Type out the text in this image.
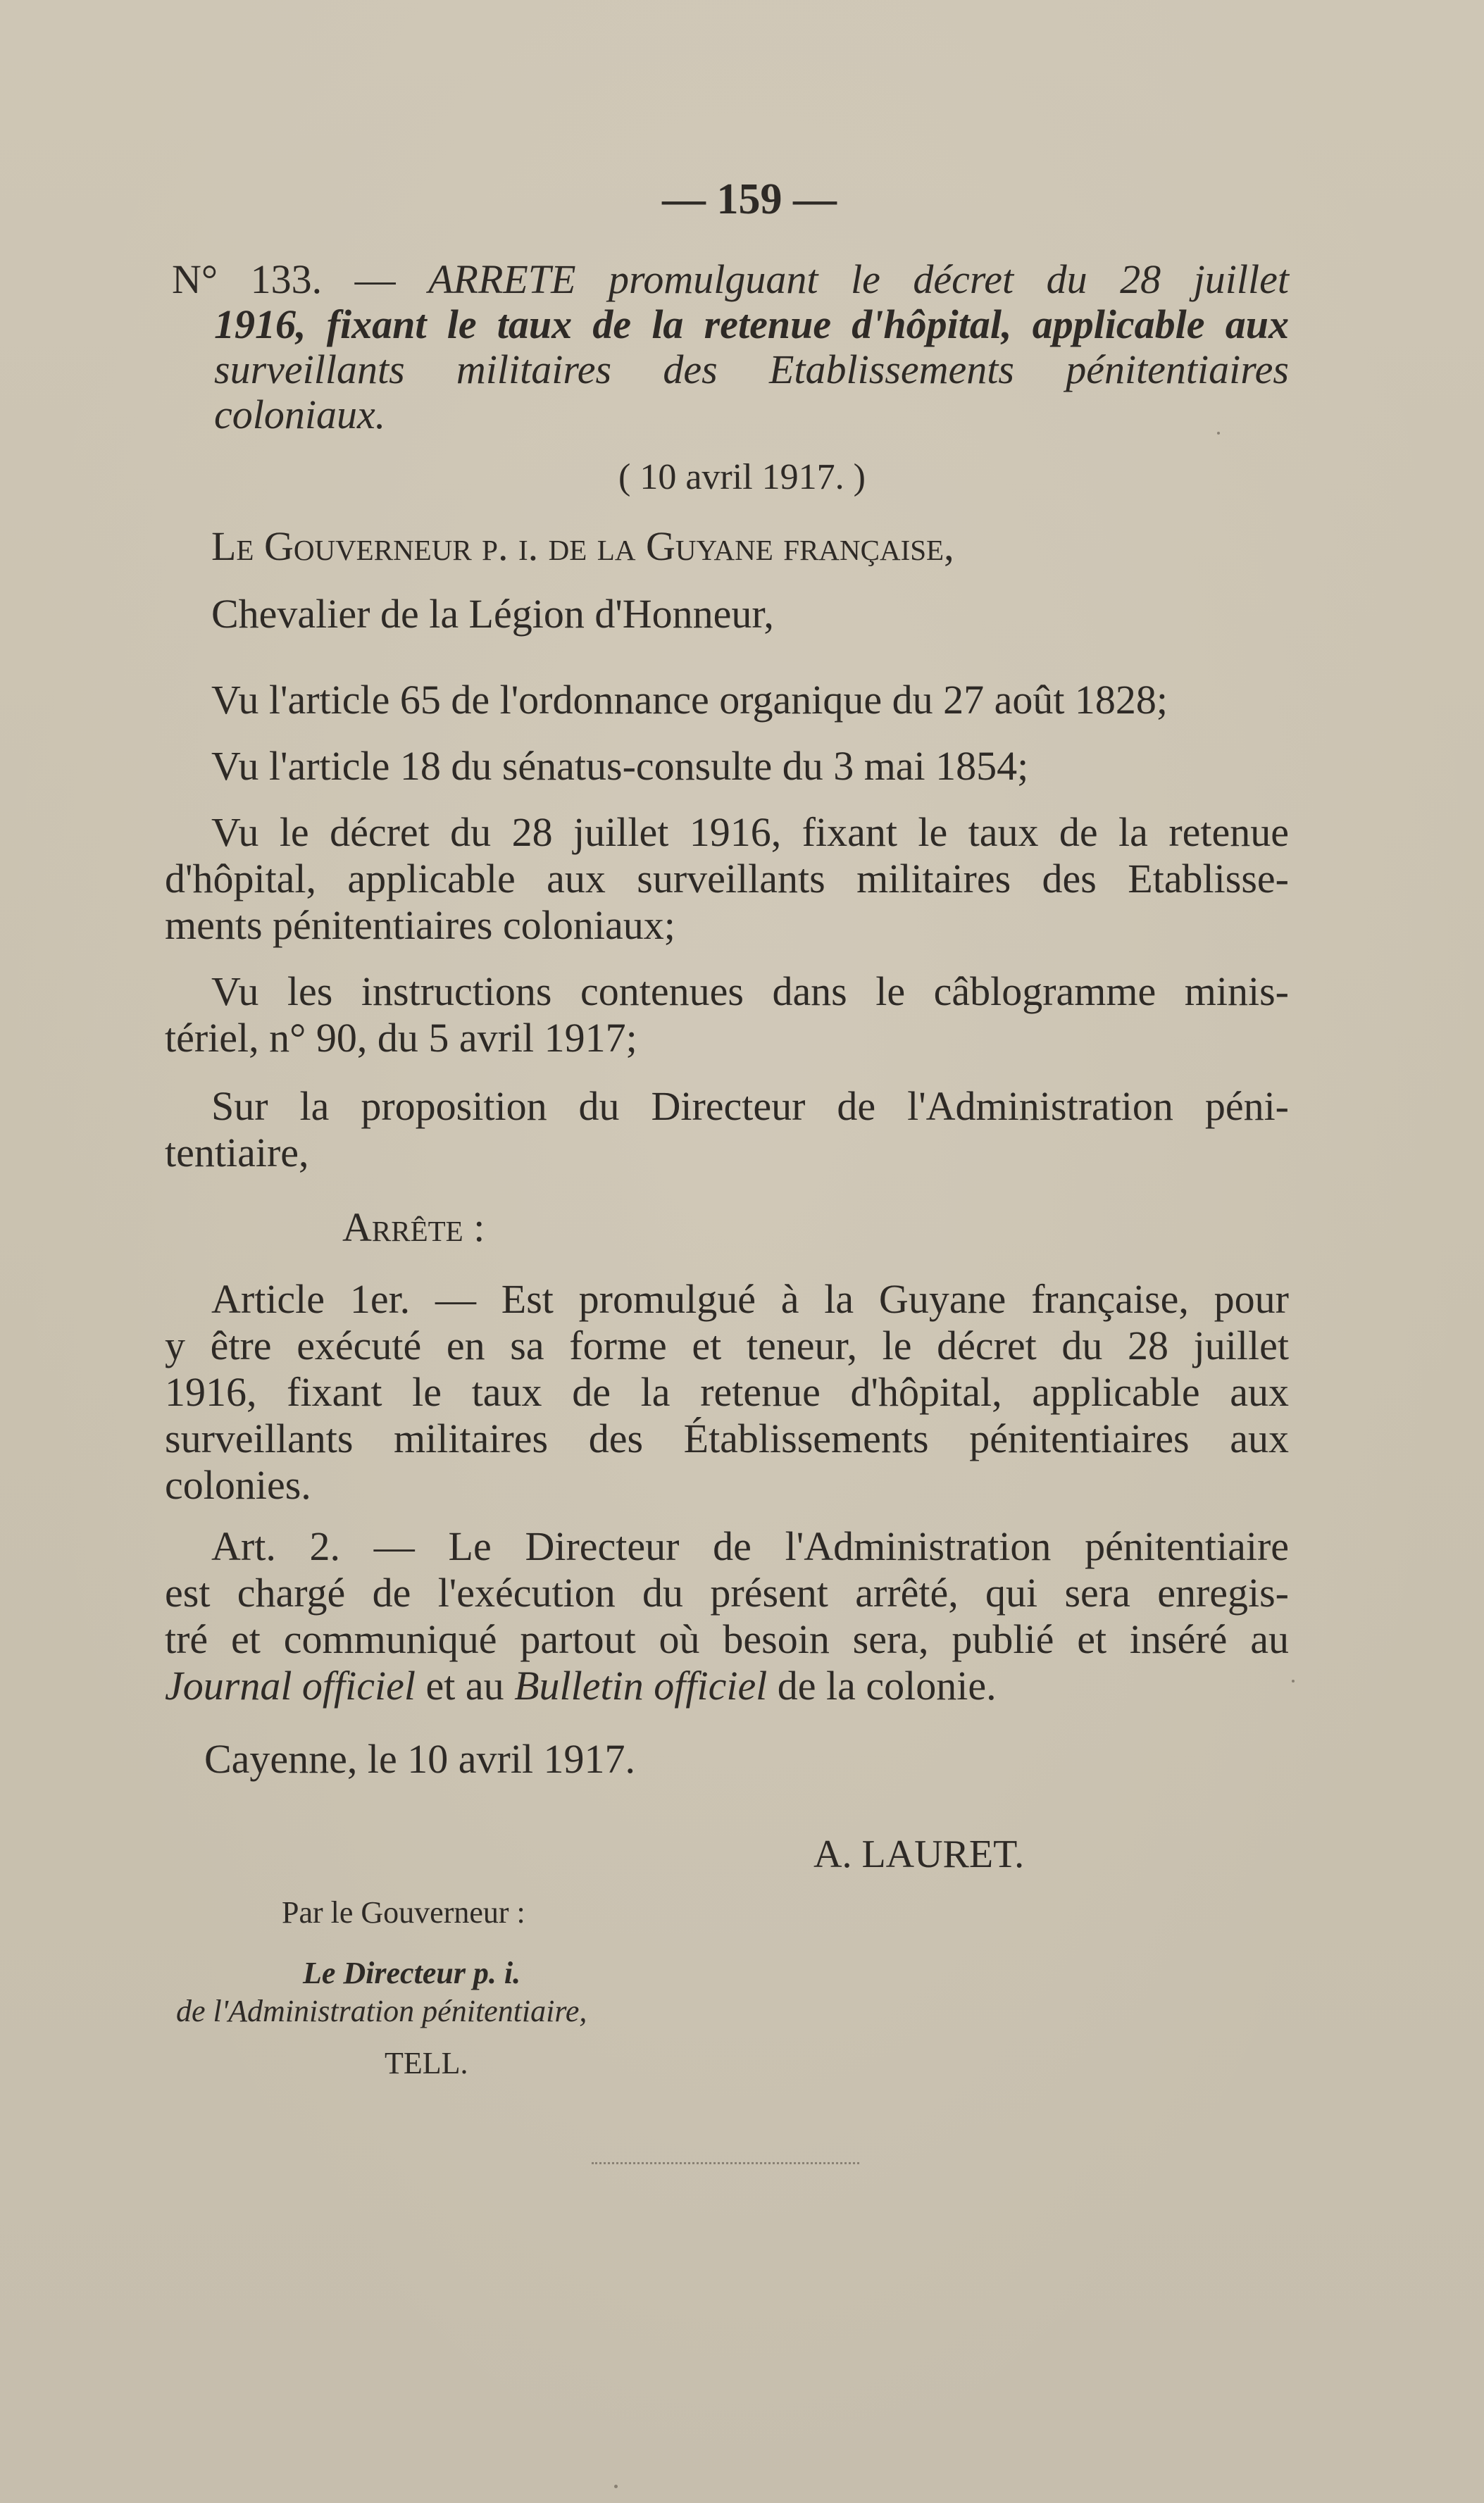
— 159 —
N° 133. — ARRETE promulguant le décret du 28 juillet
1916, fixant le taux de la retenue d'hôpital, applicable aux
surveillants militaires des Etablissements pénitentiaires
coloniaux.
( 10 avril 1917. )
Le Gouverneur p. i. de la Guyane française,
Chevalier de la Légion d'Honneur,
Vu l'article 65 de l'ordonnance organique du 27 août 1828;
Vu l'article 18 du sénatus-consulte du 3 mai 1854;
Vu le décret du 28 juillet 1916, fixant le taux de la retenue
d'hôpital, applicable aux surveillants militaires des Etablisse-
ments pénitentiaires coloniaux;
Vu les instructions contenues dans le câblogramme minis-
tériel, n° 90, du 5 avril 1917;
Sur la proposition du Directeur de l'Administration péni-
tentiaire,
Arrête :
Article 1er. — Est promulgué à la Guyane française, pour
y être exécuté en sa forme et teneur, le décret du 28 juillet
1916, fixant le taux de la retenue d'hôpital, applicable aux
surveillants militaires des Établissements pénitentiaires aux
colonies.
Art. 2. — Le Directeur de l'Administration pénitentiaire
est chargé de l'exécution du présent arrêté, qui sera enregis-
tré et communiqué partout où besoin sera, publié et inséré au
Journal officiel et au Bulletin officiel de la colonie.
Cayenne, le 10 avril 1917.
A. LAURET.
Par le Gouverneur :
Le Directeur p. i.
de l'Administration pénitentiaire,
TELL.
